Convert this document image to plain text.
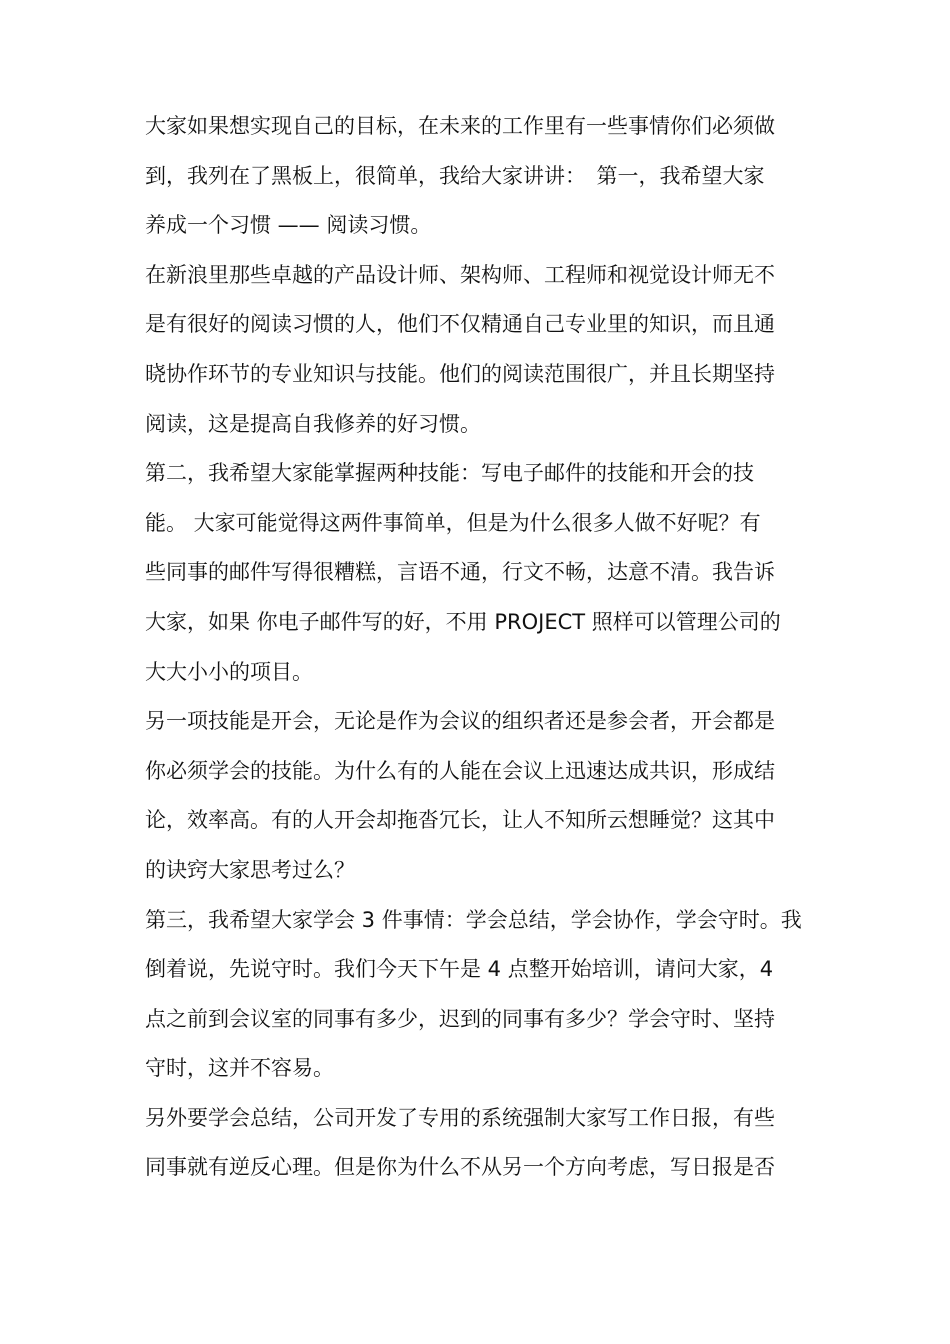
大家如果想实现自己的目标，在未来的工作里有一些事情你们必须做
到，我列在了黑板上，很简单，我给大家讲讲：　第一，我希望大家
养成一个习惯 —— 阅读习惯。

在新浪里那些卓越的产品设计师、架构师、工程师和视觉设计师无不
是有很好的阅读习惯的人，他们不仅精通自己专业里的知识，而且通
晓协作环节的专业知识与技能。他们的阅读范围很广，并且长期坚持
阅读，这是提高自我修养的好习惯。

第二，我希望大家能掌握两种技能：写电子邮件的技能和开会的技
能。 大家可能觉得这两件事简单，但是为什么很多人做不好呢？有
些同事的邮件写得很糟糕，言语不通，行文不畅，达意不清。我告诉
大家，如果 你电子邮件写的好，不用 PROJECT 照样可以管理公司的
大大小小的项目。

另一项技能是开会，无论是作为会议的组织者还是参会者，开会都是
你必须学会的技能。为什么有的人能在会议上迅速达成共识，形成结
论，效率高。有的人开会却拖沓冗长，让人不知所云想睡觉？这其中
的诀窍大家思考过么？

第三，我希望大家学会 3 件事情：学会总结，学会协作，学会守时。我
倒着说，先说守时。我们今天下午是 4 点整开始培训，请问大家，4
点之前到会议室的同事有多少，迟到的同事有多少？学会守时、坚持
守时，这并不容易。

另外要学会总结，公司开发了专用的系统强制大家写工作日报，有些
同事就有逆反心理。但是你为什么不从另一个方向考虑，写日报是否
